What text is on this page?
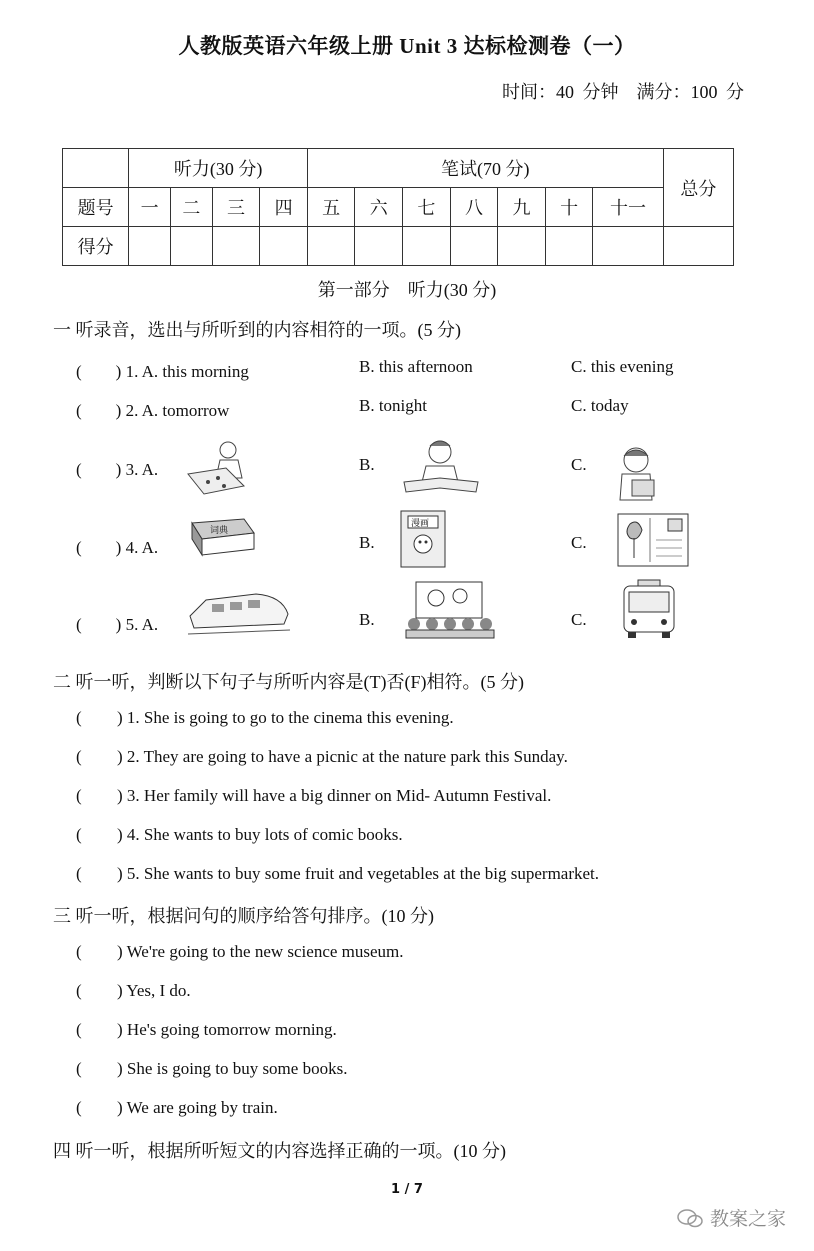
人教版英语六年级上册 Unit 3 达标检测卷（一）
时间：40 分钟　满分：100 分
	听力(30 分)				笔试(70 分)							总分
题号	一	二	三	四	五	六	七	八	九	十	十一	
得分												
第一部分　听力(30 分)
一 听录音，选出与所听到的内容相符的一项。(5 分)
(　　) 1. A. this morning	B. this afternoon	C. this evening
(　　) 2. A. tomorrow	B. tonight	C. today
(　　) 3. A.	B.	C.
(　　) 4. A.	B.	C.
词典
漫画
(　　) 5. A.	B.	C.
二 听一听，判断以下句子与所听内容是(T)否(F)相符。(5 分)
( ) 1. She is going to go to the cinema this evening.
( ) 2. They are going to have a picnic at the nature park this Sunday.
( ) 3. Her family will have a big dinner on Mid- Autumn Festival.
( ) 4. She wants to buy lots of comic books.
( ) 5. She wants to buy some fruit and vegetables at the big supermarket.
三 听一听，根据问句的顺序给答句排序。(10 分)
( ) We're going to the new science museum.
( ) Yes, I do.
( ) He's going tomorrow morning.
( ) She is going to buy some books.
( ) We are going by train.
四 听一听，根据所听短文的内容选择正确的一项。(10 分)
1 / 7
教案之家
